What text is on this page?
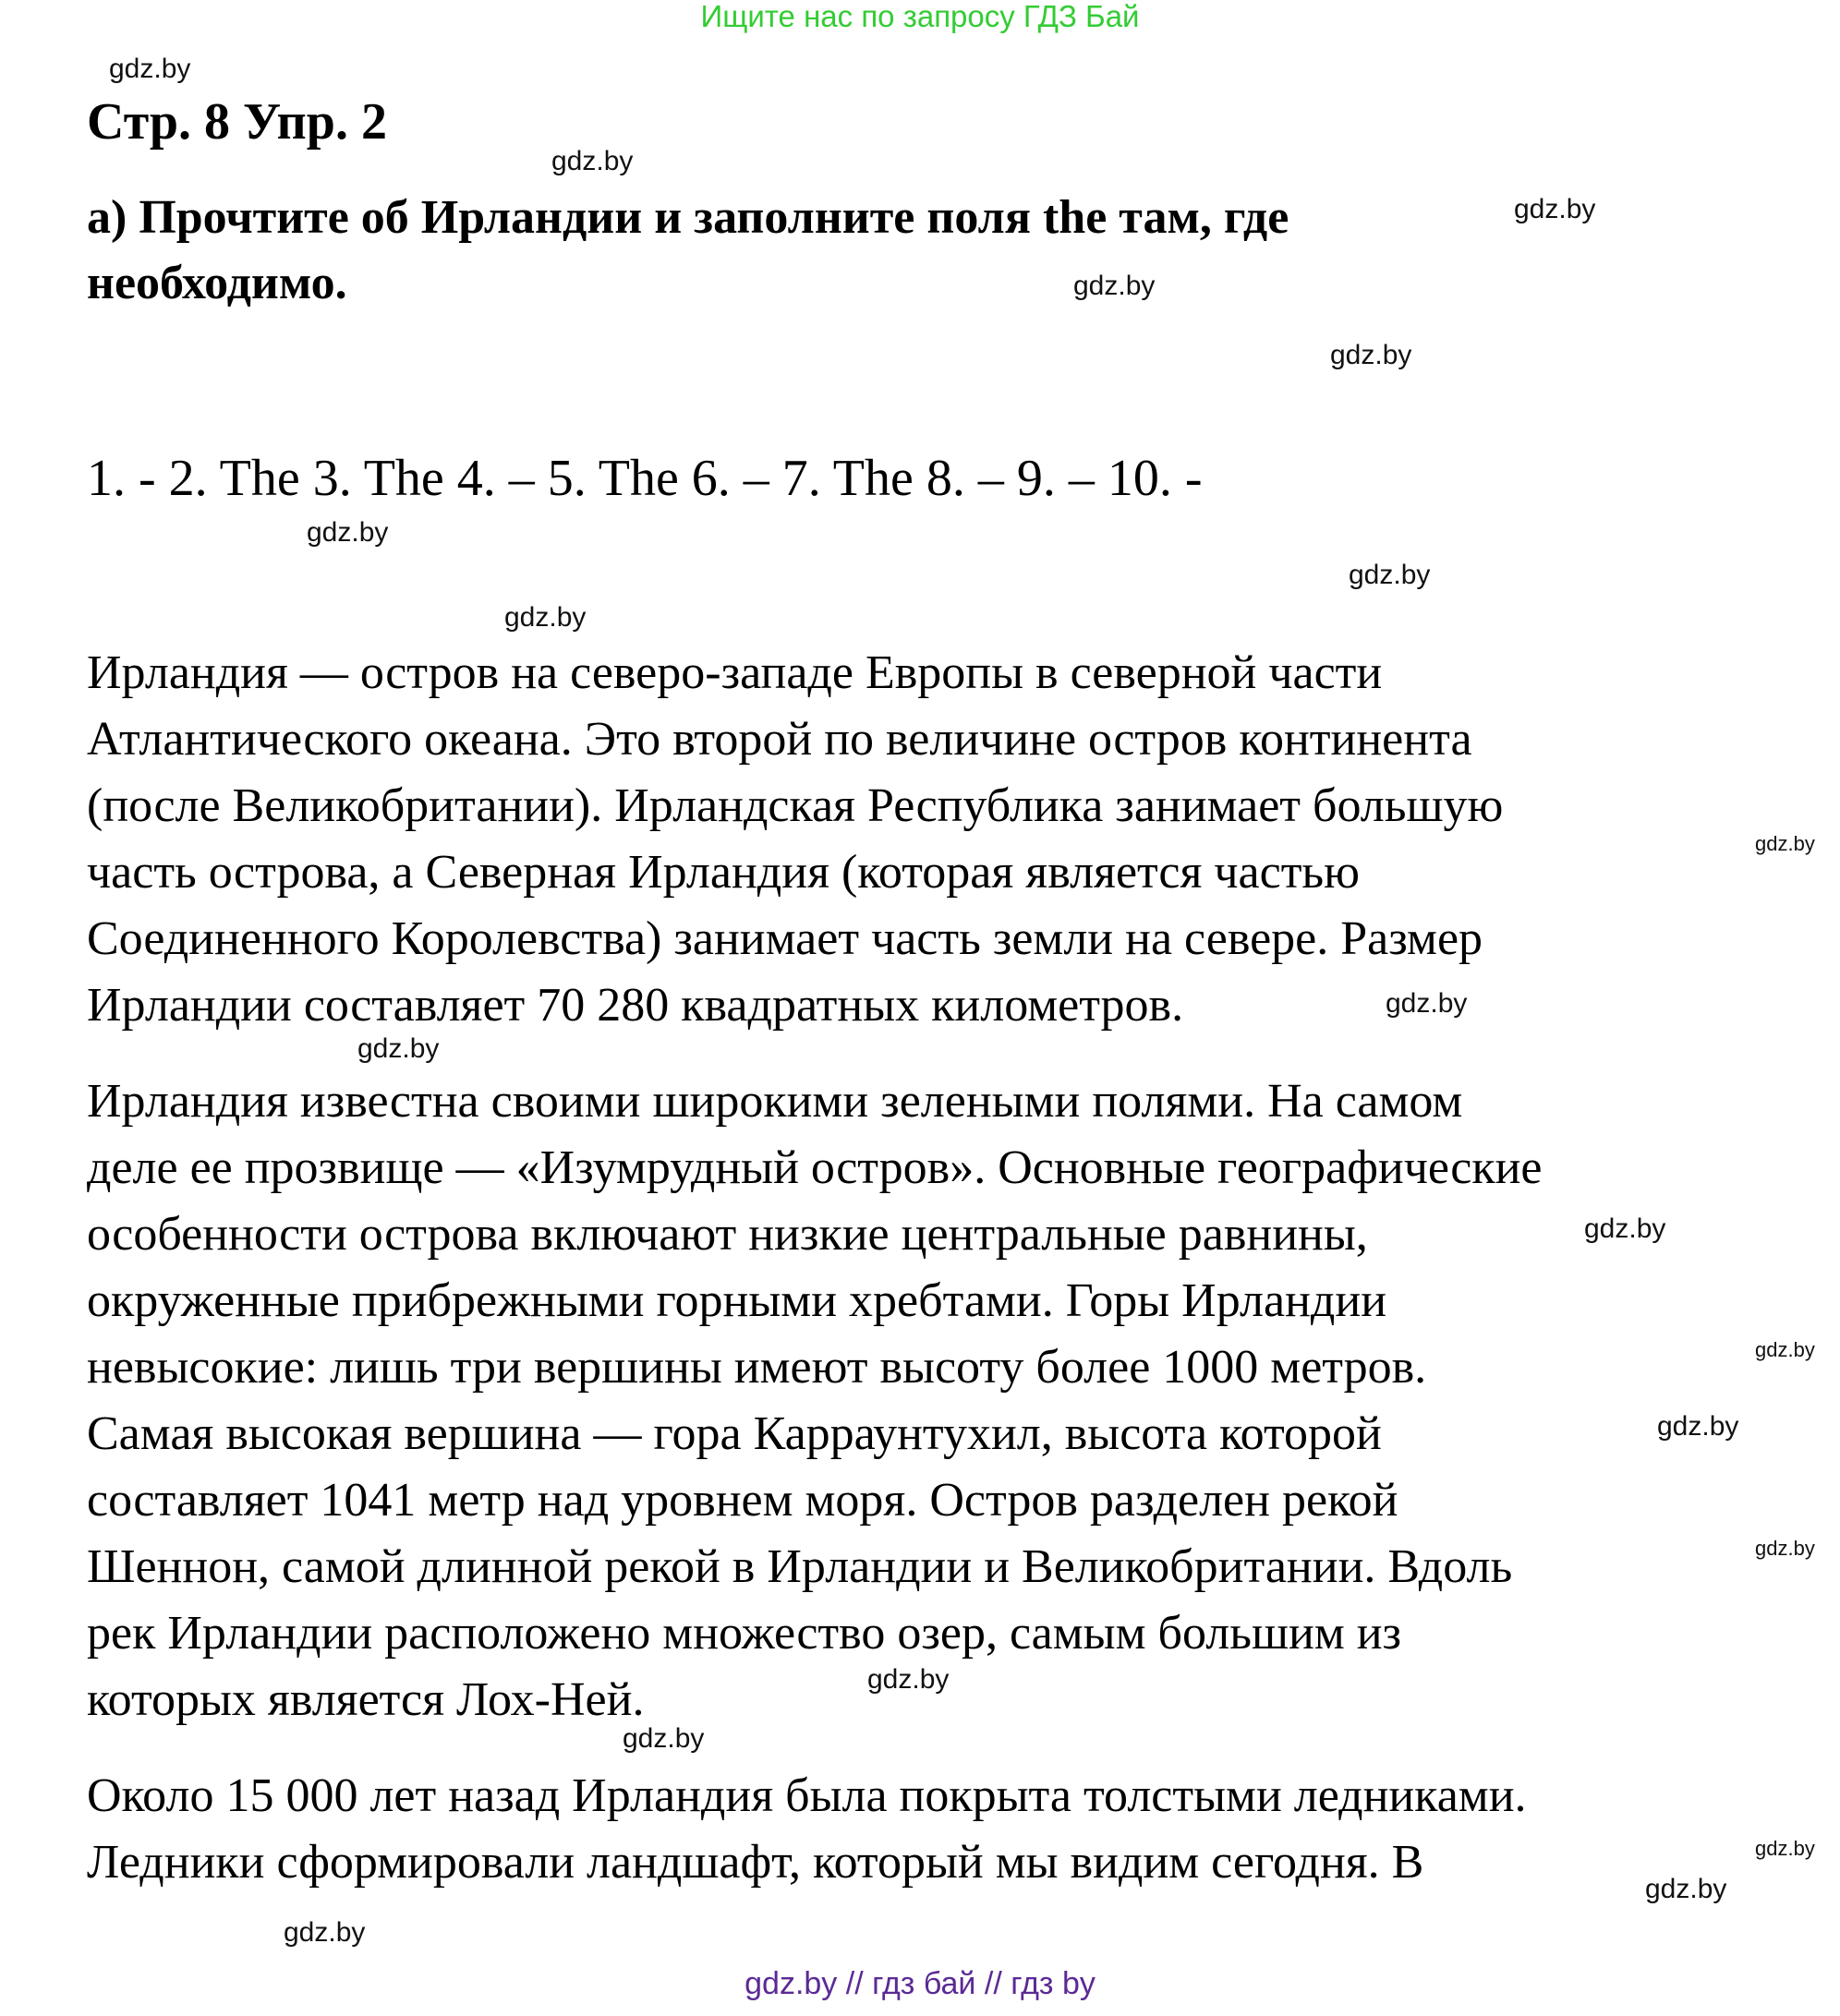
Ищите нас по запросу ГДЗ Бай
Стр. 8 Упр. 2
а) Прочтите об Ирландии и заполните поля the там, где
необходимо.
1. - 2. The 3. The 4. – 5. The 6. – 7. The 8. – 9. – 10. -
Ирландия — остров на северо-западе Европы в северной части
Атлантического океана. Это второй по величине остров континента
(после Великобритании). Ирландская Республика занимает большую
часть острова, а Северная Ирландия (которая является частью
Соединенного Королевства) занимает часть земли на севере. Размер
Ирландии составляет 70 280 квадратных километров.
Ирландия известна своими широкими зелеными полями. На самом
деле ее прозвище — «Изумрудный остров». Основные географические
особенности острова включают низкие центральные равнины,
окруженные прибрежными горными хребтами. Горы Ирландии
невысокие: лишь три вершины имеют высоту более 1000 метров.
Самая высокая вершина — гора Карраунтухил, высота которой
составляет 1041 метр над уровнем моря. Остров разделен рекой
Шеннон, самой длинной рекой в Ирландии и Великобритании. Вдоль
рек Ирландии расположено множество озер, самым большим из
которых является Лох-Ней.
Около 15 000 лет назад Ирландия была покрыта толстыми ледниками.
Ледники сформировали ландшафт, который мы видим сегодня. В
gdz.by
gdz.by
gdz.by
gdz.by
gdz.by
gdz.by
gdz.by
gdz.by
gdz.by
gdz.by
gdz.by
gdz.by
gdz.by
gdz.by
gdz.by
gdz.by
gdz.by
gdz.by
gdz.by
gdz.by
gdz.by // гдз бай // гдз by
